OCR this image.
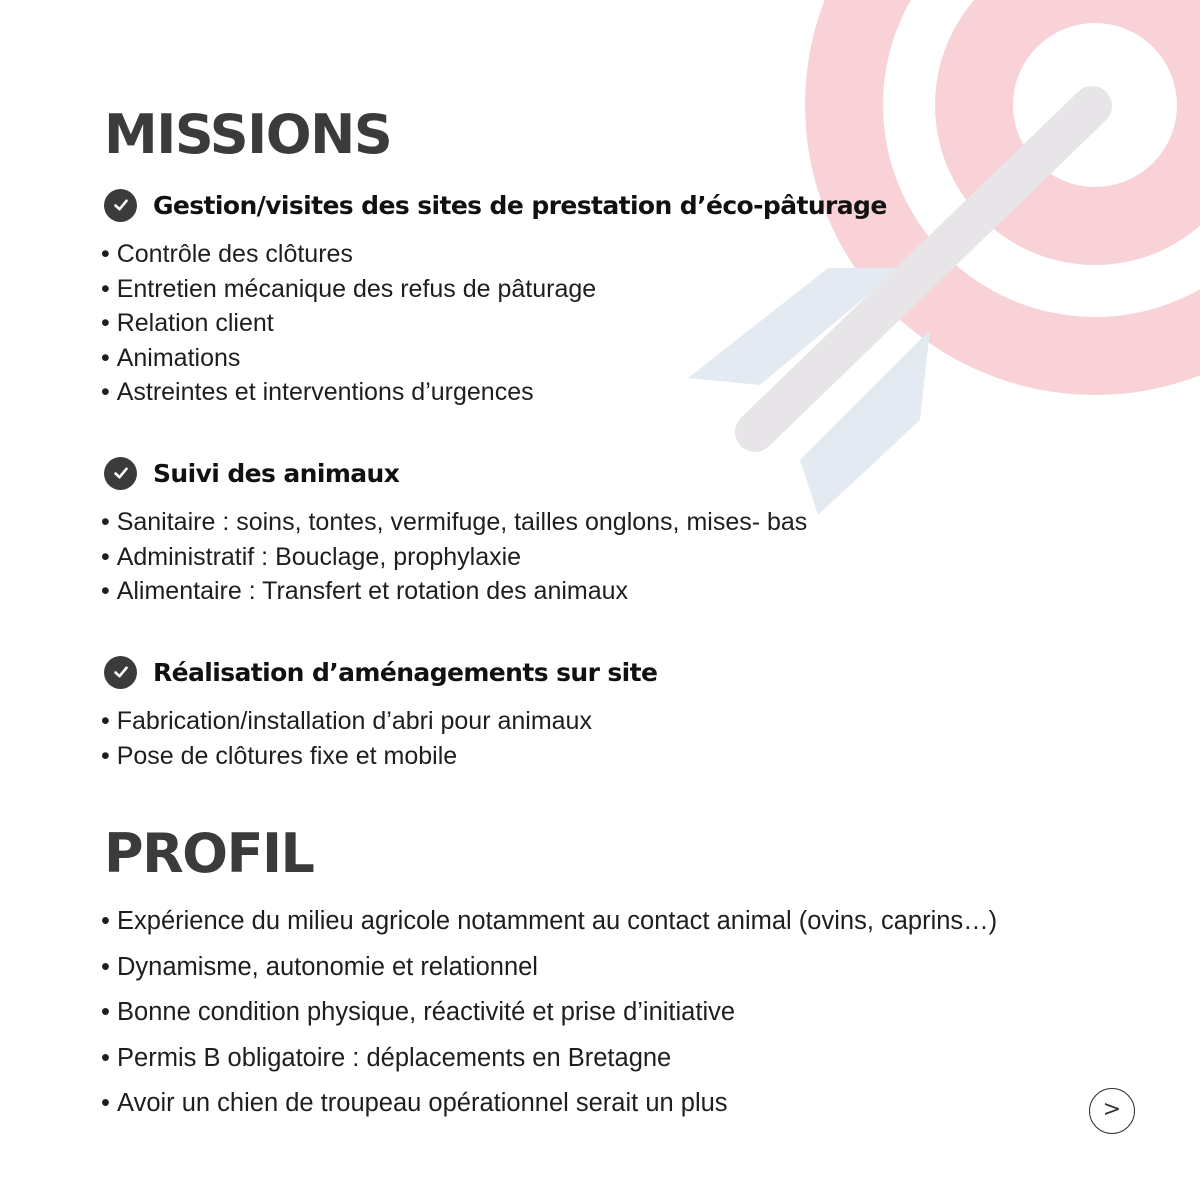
MISSIONS
Gestion/visites des sites de prestation d’éco-pâturage
• Contrôle des clôtures
• Entretien mécanique des refus de pâturage
• Relation client
• Animations
• Astreintes et interventions d’urgences
Suivi des animaux
• Sanitaire : soins, tontes, vermifuge, tailles onglons, mises- bas
• Administratif : Bouclage, prophylaxie
• Alimentaire : Transfert et rotation des animaux
Réalisation d’aménagements sur site
• Fabrication/installation d’abri pour animaux
• Pose de clôtures fixe et mobile
PROFIL
• Expérience du milieu agricole notamment au contact animal (ovins, caprins…)
• Dynamisme, autonomie et relationnel
• Bonne condition physique, réactivité et prise d’initiative
• Permis B obligatoire : déplacements en Bretagne
• Avoir un chien de troupeau opérationnel serait un plus	>
